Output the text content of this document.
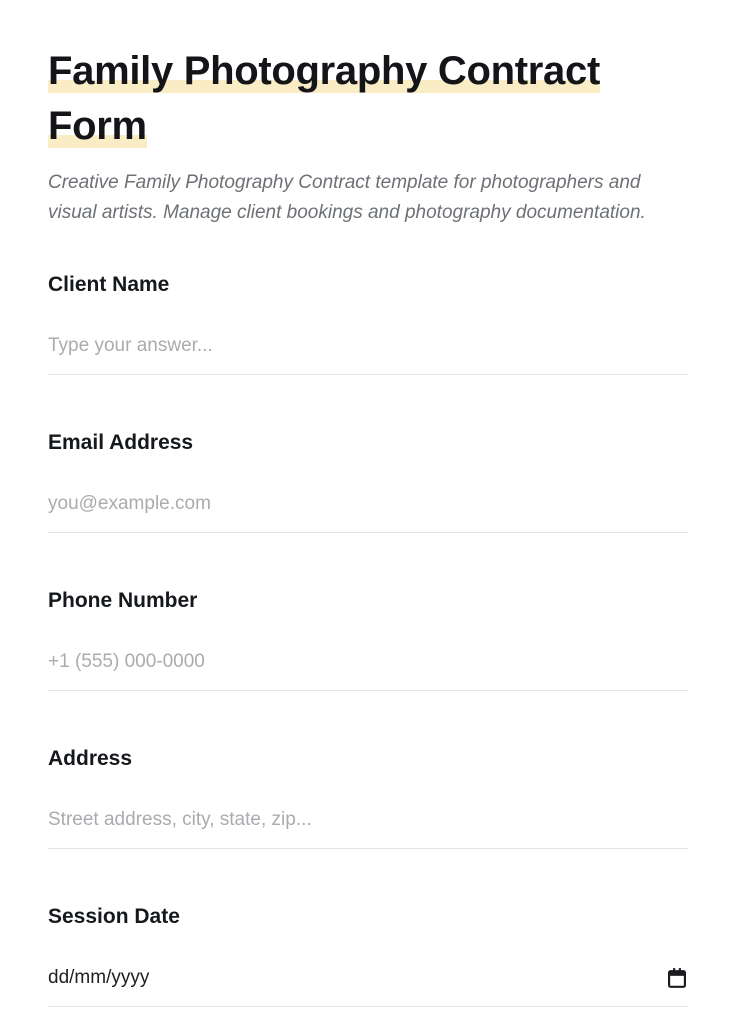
Family Photography Contract Form

Creative Family Photography Contract template for photographers and visual artists. Manage client bookings and photography documentation.

Client Name
Type your answer...
Email Address
you@example.com
Phone Number
+1 (555) 000-0000
Address
Street address, city, state, zip...
Session Date
dd/mm/yyyy
